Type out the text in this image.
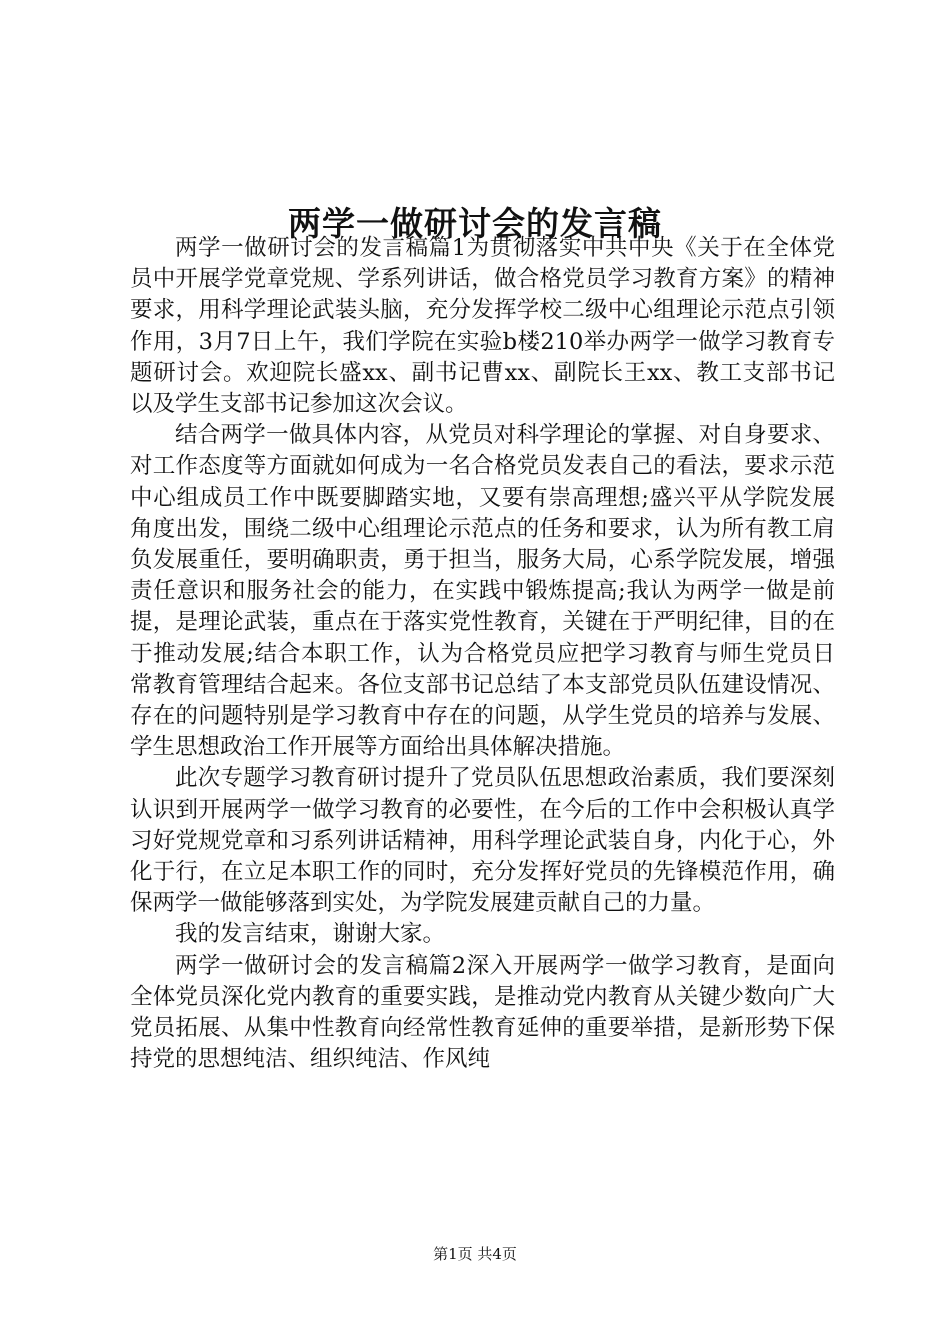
两学一做研讨会的发言稿

两学一做研讨会的发言稿篇1为贯彻落实中共中央《关于在全体党员中开展学党章党规、学系列讲话，做合格党员学习教育方案》的精神要求，用科学理论武装头脑，充分发挥学校二级中心组理论示范点引领作用，3月7日上午，我们学院在实验b楼210举办两学一做学习教育专题研讨会。欢迎院长盛xx、副书记曹xx、副院长王xx、教工支部书记以及学生支部书记参加这次会议。

结合两学一做具体内容，从党员对科学理论的掌握、对自身要求、对工作态度等方面就如何成为一名合格党员发表自己的看法，要求示范中心组成员工作中既要脚踏实地，又要有崇高理想;盛兴平从学院发展角度出发，围绕二级中心组理论示范点的任务和要求，认为所有教工肩负发展重任，要明确职责，勇于担当，服务大局，心系学院发展，增强责任意识和服务社会的能力，在实践中锻炼提高;我认为两学一做是前提，是理论武装，重点在于落实党性教育，关键在于严明纪律，目的在于推动发展;结合本职工作，认为合格党员应把学习教育与师生党员日常教育管理结合起来。各位支部书记总结了本支部党员队伍建设情况、存在的问题特别是学习教育中存在的问题，从学生党员的培养与发展、学生思想政治工作开展等方面给出具体解决措施。

此次专题学习教育研讨提升了党员队伍思想政治素质，我们要深刻认识到开展两学一做学习教育的必要性，在今后的工作中会积极认真学习好党规党章和习系列讲话精神，用科学理论武装自身，内化于心，外化于行，在立足本职工作的同时，充分发挥好党员的先锋模范作用，确保两学一做能够落到实处，为学院发展建贡献自己的力量。

我的发言结束，谢谢大家。

两学一做研讨会的发言稿篇2深入开展两学一做学习教育，是面向全体党员深化党内教育的重要实践，是推动党内教育从关键少数向广大党员拓展、从集中性教育向经常性教育延伸的重要举措，是新形势下保持党的思想纯洁、组织纯洁、作风纯

第1页 共4页
